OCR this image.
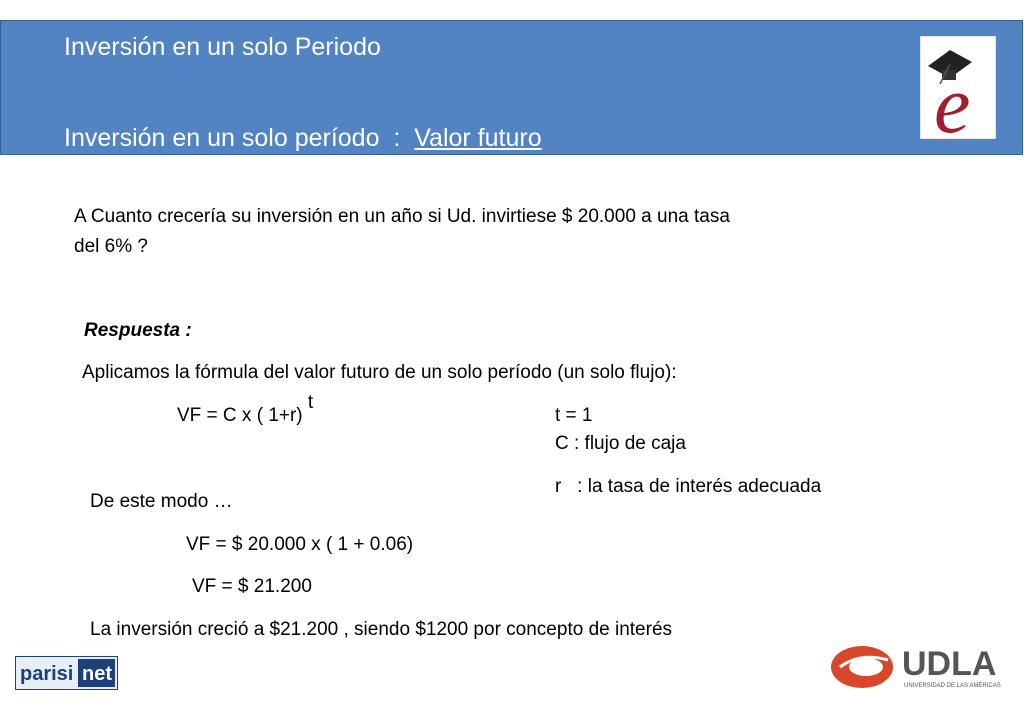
Inversión en un solo Periodo
Inversión en un solo período  :  Valor futuro	e
A Cuanto crecería su inversión en un año si Ud. invirtiese $ 20.000 a una tasa
del 6% ?
Respuesta :
Aplicamos la fórmula del valor futuro de un solo período (un solo flujo):
VF = C x ( 1+r) t
t = 1
C : flujo de caja
r   : la tasa de interés adecuada
De este modo …
VF = $ 20.000 x ( 1 + 0.06)
VF = $ 21.200
La inversión creció a $21.200 , siendo $1200 por concepto de interés
parisi net	UDLA
UNIVERSIDAD DE LAS AMÉRICAS
